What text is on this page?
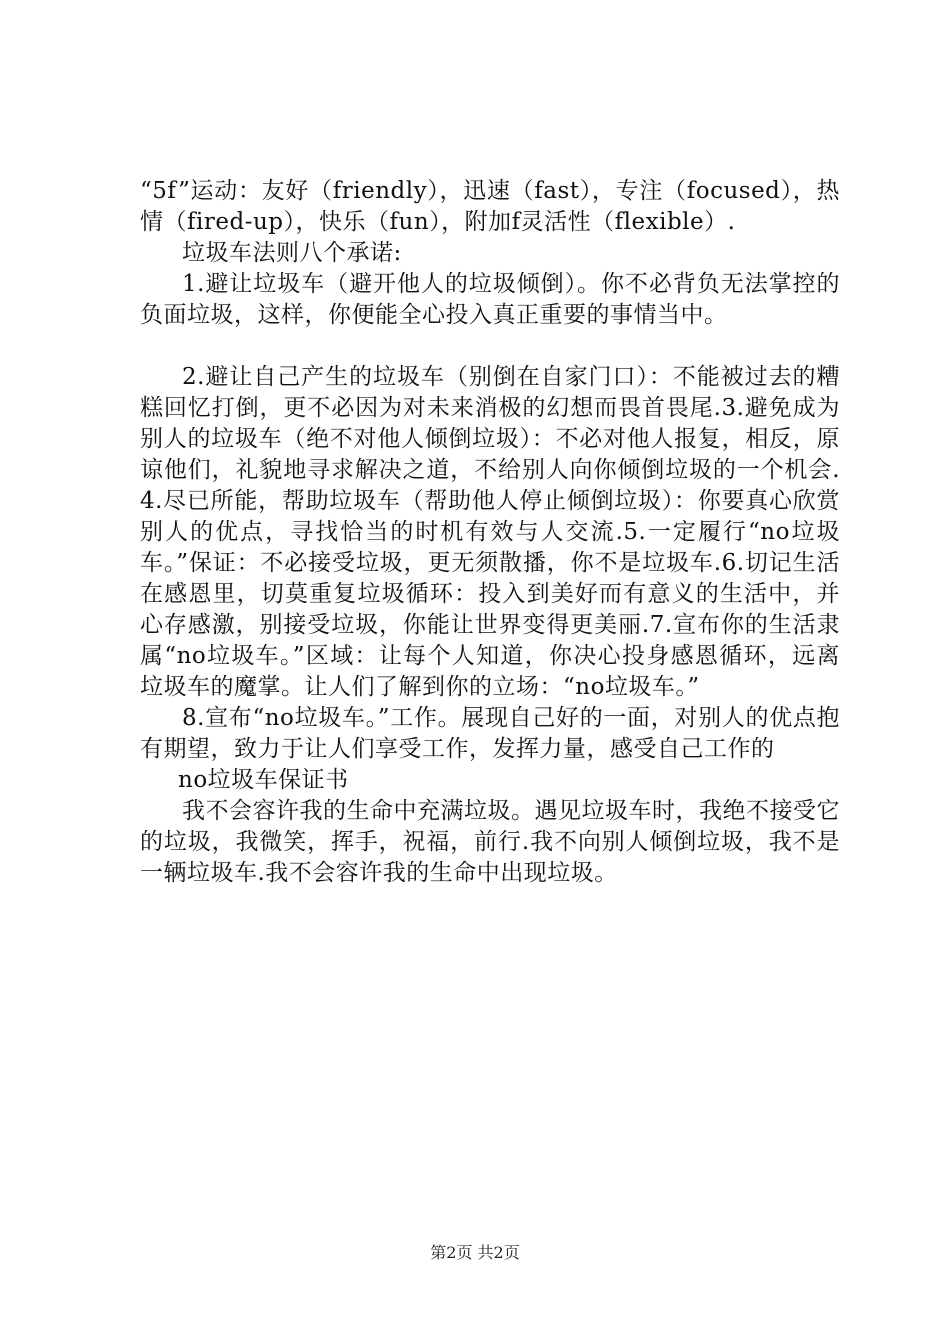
“5f”运动：友好（friendly），迅速（fast），专注（focused），热情（fired-up），快乐（fun），附加f灵活性（flexible）.

垃圾车法则八个承诺:

1.避让垃圾车（避开他人的垃圾倾倒）。你不必背负无法掌控的负面垃圾，这样，你便能全心投入真正重要的事情当中。

2.避让自己产生的垃圾车（别倒在自家门口）：不能被过去的糟糕回忆打倒，更不必因为对未来消极的幻想而畏首畏尾.3.避免成为别人的垃圾车（绝不对他人倾倒垃圾）：不必对他人报复，相反，原谅他们，礼貌地寻求解决之道，不给别人向你倾倒垃圾的一个机会.4.尽已所能，帮助垃圾车（帮助他人停止倾倒垃圾）：你要真心欣赏别人的优点，寻找恰当的时机有效与人交流.5.一定履行“no垃圾车。”保证：不必接受垃圾，更无须散播，你不是垃圾车.6.切记生活在感恩里，切莫重复垃圾循环：投入到美好而有意义的生活中，并心存感激，别接受垃圾，你能让世界变得更美丽.7.宣布你的生活隶属“no垃圾车。”区域：让每个人知道，你决心投身感恩循环，远离垃圾车的魔掌。让人们了解到你的立场：“no垃圾车。”

8.宣布“no垃圾车。”工作。展现自己好的一面，对别人的优点抱有期望，致力于让人们享受工作，发挥力量，感受自己工作的

no垃圾车保证书

我不会容许我的生命中充满垃圾。遇见垃圾车时，我绝不接受它的垃圾，我微笑，挥手，祝福，前行.我不向别人倾倒垃圾，我不是一辆垃圾车.我不会容许我的生命中出现垃圾。

第2页 共2页
